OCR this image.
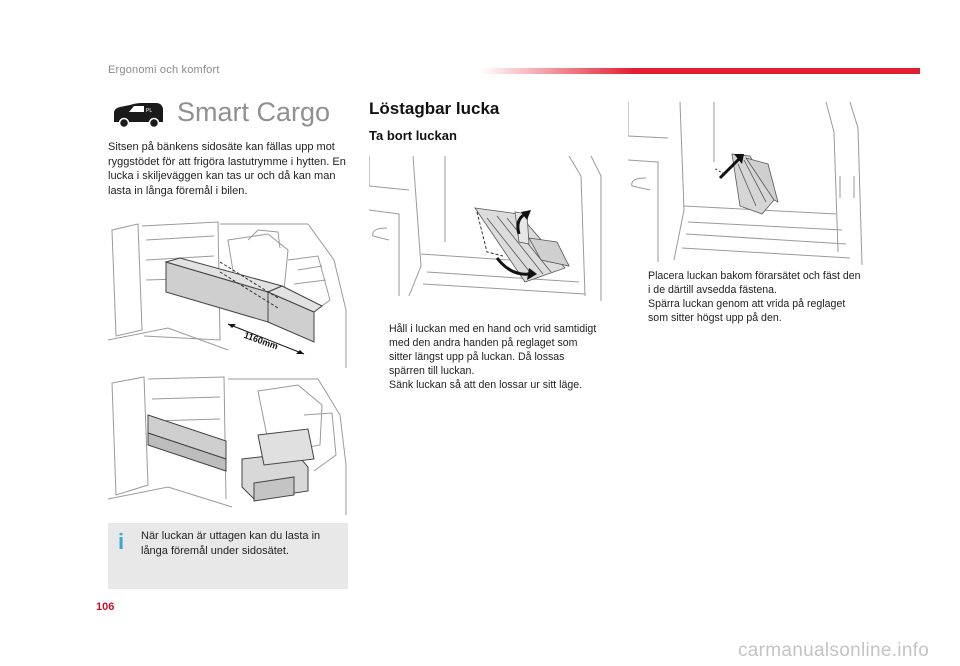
Ergonomi och komfort
PL Smart Cargo
Sitsen på bänkens sidosäte kan fällas upp mot ryggstödet för att frigöra lastutrymme i hytten. En lucka i skiljeväggen kan tas ur och då kan man lasta in långa föremål i bilen.
1160mm
i När luckan är uttagen kan du lasta in långa föremål under sidosätet.
Löstagbar lucka
Ta bort luckan
Håll i luckan med en hand och vrid samtidigt med den andra handen på reglaget som sitter längst upp på luckan. Då lossas spärren till luckan.
Sänk luckan så att den lossar ur sitt läge.
Placera luckan bakom förarsätet och fäst den i de därtill avsedda fästena.
Spärra luckan genom att vrida på reglaget som sitter högst upp på den.
106
carmanualsonline.info
